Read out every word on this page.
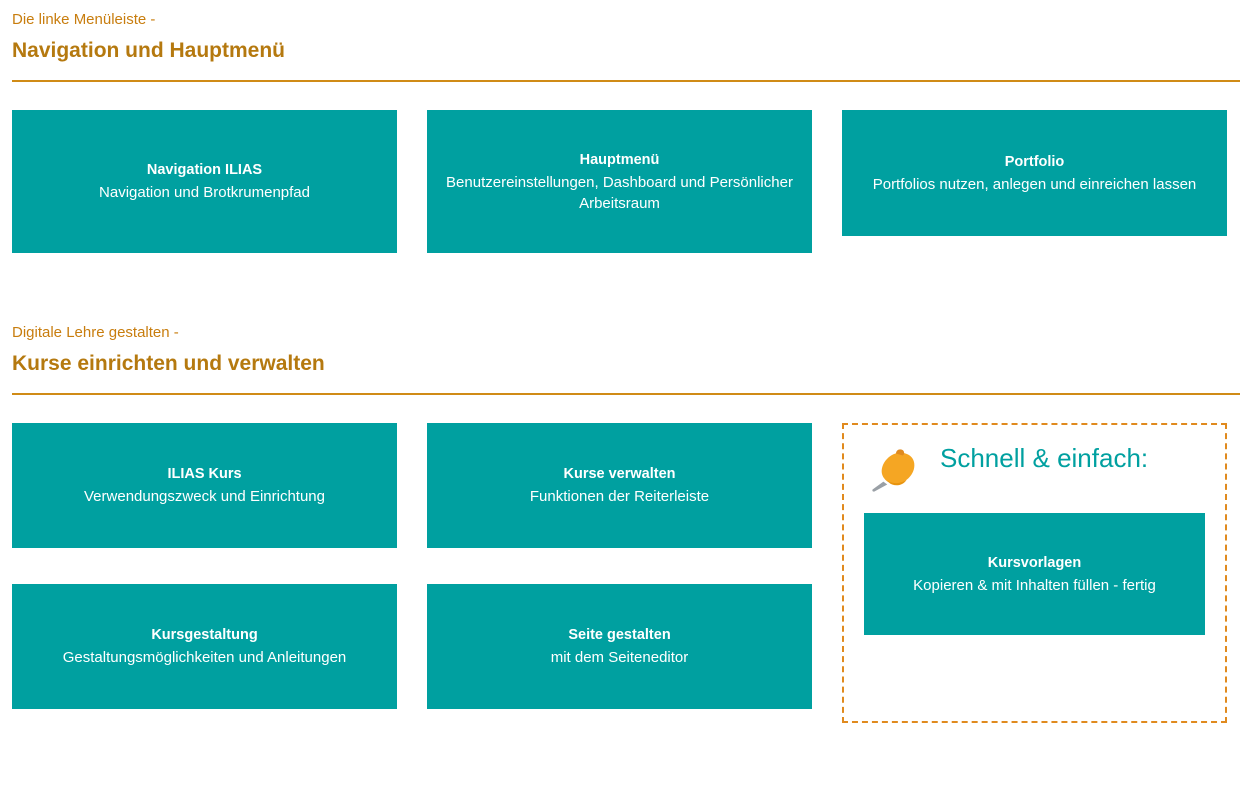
Die linke Menüleiste -

Navigation und Hauptmenü
Navigation ILIAS
Navigation und Brotkrumenpfad
Hauptmenü
Benutzereinstellungen, Dashboard und Persönlicher Arbeitsraum
Portfolio
Portfolios nutzen, anlegen und einreichen lassen

Digitale Lehre gestalten -

Kurse einrichten und verwalten
ILIAS Kurs
Verwendungszweck und Einrichtung
Kurse verwalten
Funktionen der Reiterleiste
Schnell & einfach:
Kursvorlagen
Kopieren & mit Inhalten füllen - fertig
Kursgestaltung
Gestaltungsmöglichkeiten und Anleitungen
Seite gestalten
mit dem Seiteneditor
